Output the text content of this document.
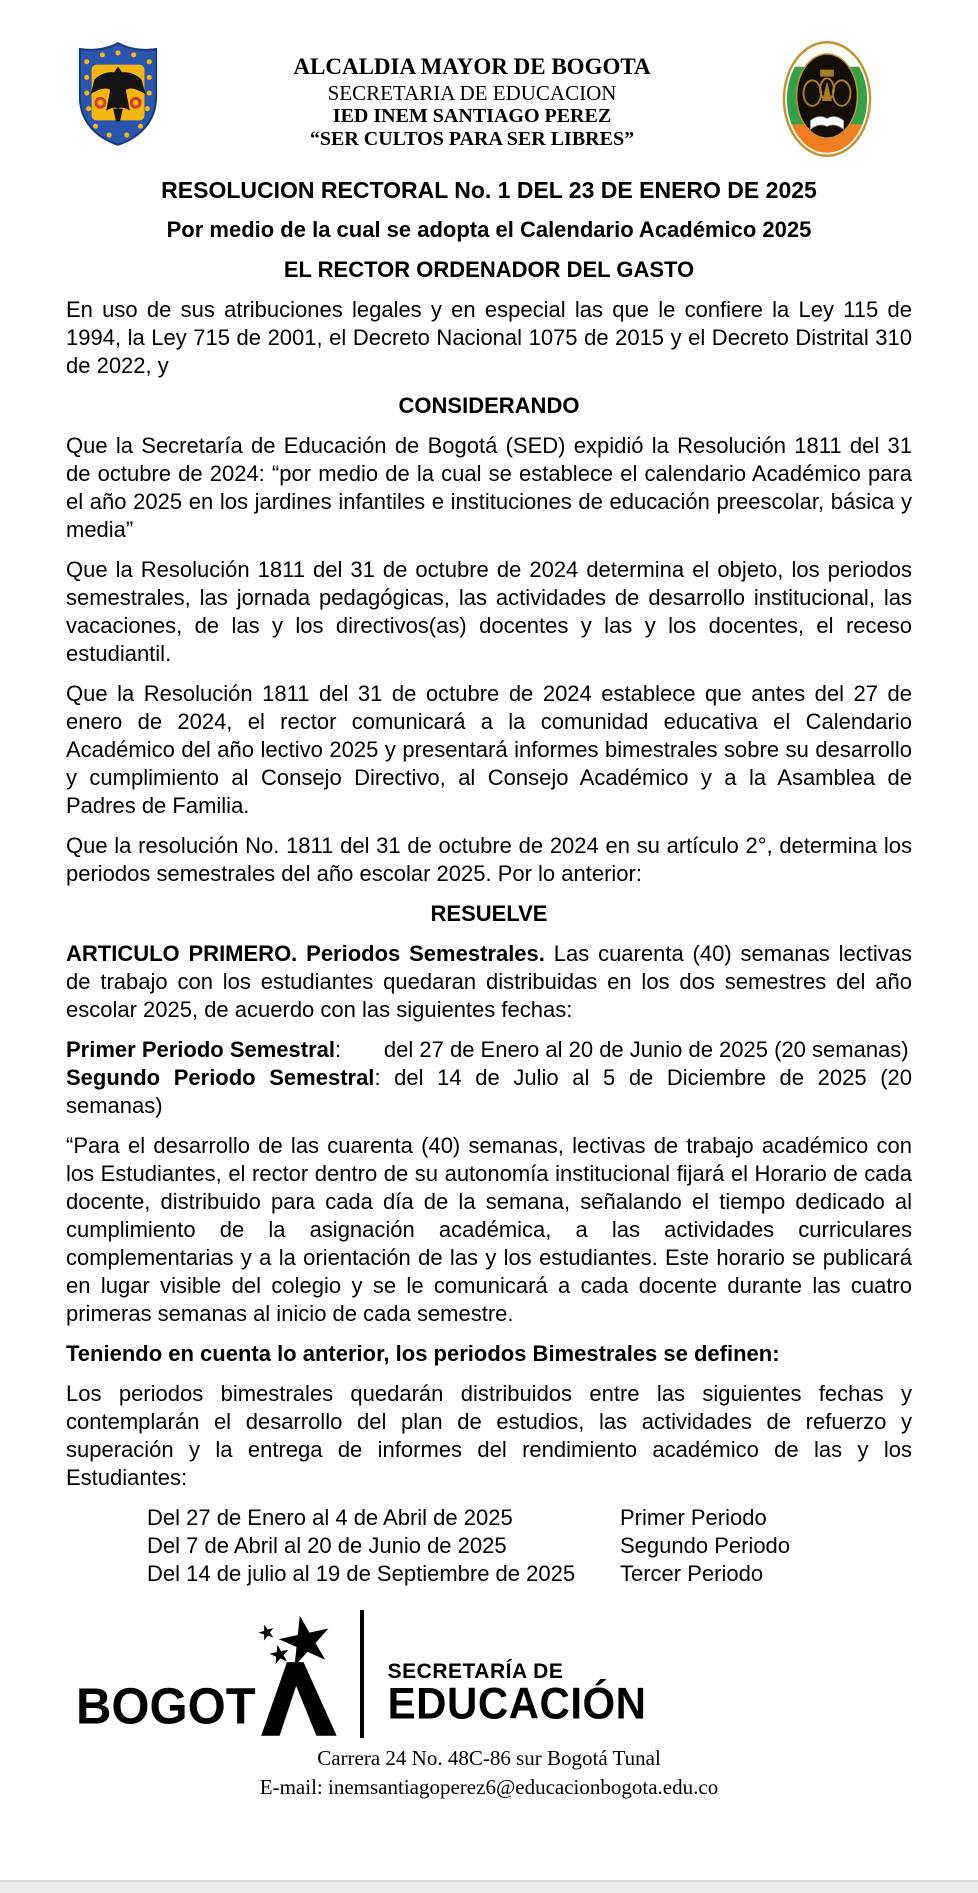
ALCALDIA MAYOR DE BOGOTA
SECRETARIA DE EDUCACION
IED INEM SANTIAGO PEREZ
“SER CULTOS PARA SER LIBRES”
RESOLUCION RECTORAL No. 1 DEL 23 DE ENERO DE 2025
Por medio de la cual se adopta el Calendario Académico 2025
EL RECTOR ORDENADOR DEL GASTO

En uso de sus atribuciones legales y en especial las que le confiere la Ley 115 de 1994, la Ley 715 de 2001, el Decreto Nacional 1075 de 2015 y el Decreto Distrital 310 de 2022, y

CONSIDERANDO

Que la Secretaría de Educación de Bogotá (SED) expidió la Resolución 1811 del 31 de octubre de 2024: “por medio de la cual se establece el calendario Académico para el año 2025 en los jardines infantiles e instituciones de educación preescolar, básica y media”

Que la Resolución 1811 del 31 de octubre de 2024 determina el objeto, los periodos semestrales, las jornada pedagógicas, las actividades de desarrollo institucional, las vacaciones, de las y los directivos(as) docentes y las y los docentes, el receso estudiantil.

Que la Resolución 1811 del 31 de octubre de 2024 establece que antes del 27 de enero de 2024, el rector comunicará a la comunidad educativa el Calendario Académico del año lectivo 2025 y presentará informes bimestrales sobre su desarrollo y cumplimiento al Consejo Directivo, al Consejo Académico y a la Asamblea de Padres de Familia.

Que la resolución No. 1811 del 31 de octubre de 2024 en su artículo 2°, determina los periodos semestrales del año escolar 2025. Por lo anterior:

RESUELVE

ARTICULO PRIMERO. Periodos Semestrales. Las cuarenta (40) semanas lectivas de trabajo con los estudiantes quedaran distribuidas en los dos semestres del año escolar 2025, de acuerdo con las siguientes fechas:

Primer Periodo Semestral:       del 27 de Enero al 20 de Junio de 2025 (20 semanas)

Segundo Periodo Semestral: del 14 de Julio al 5 de Diciembre de 2025 (20 semanas)

“Para el desarrollo de las cuarenta (40) semanas, lectivas de trabajo académico con los Estudiantes, el rector dentro de su autonomía institucional fijará el Horario de cada docente, distribuido para cada día de la semana, señalando el tiempo dedicado al cumplimiento de la asignación académica, a las actividades curriculares complementarias y a la orientación de las y los estudiantes. Este horario se publicará en lugar visible del colegio y se le comunicará a cada docente durante las cuatro primeras semanas al inicio de cada semestre.

Teniendo en cuenta lo anterior, los periodos Bimestrales se definen:

Los periodos bimestrales quedarán distribuidos entre las siguientes fechas y contemplarán el desarrollo del plan de estudios, las actividades de refuerzo y superación y la entrega de informes del rendimiento académico de las y los Estudiantes:

Del 27 de Enero al 4 de Abril de 2025	Primer Periodo
Del 7 de Abril al 20 de Junio de 2025	Segundo Periodo
Del 14 de julio al 19 de Septiembre de 2025	Tercer Periodo
BOGOT
SECRETARÍA DE
EDUCACIÓN
Carrera 24 No. 48C-86 sur Bogotá Tunal
E-mail: inemsantiagoperez6@educacionbogota.edu.co
